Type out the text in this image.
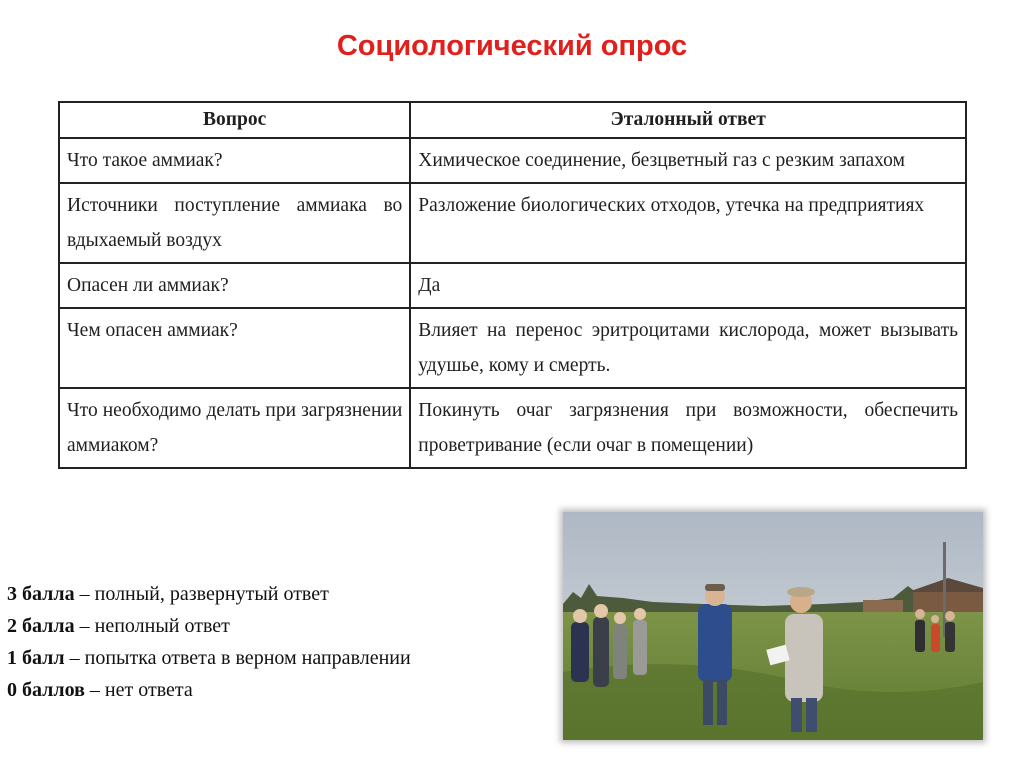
Социологический опрос
Вопрос	Эталонный ответ
Что такое аммиак?	Химическое соединение, безцветный газ с резким запахом
Источники поступление аммиака во вдыхаемый воздух	Разложение биологических отходов, утечка на предприятиях
Опасен ли аммиак?	Да
Чем опасен аммиак?	Влияет на перенос эритроцитами кислорода, может вызывать удушье, кому и смерть.
Что необходимо делать при загрязнении аммиаком?	Покинуть очаг загрязнения при возможности, обеспечить проветривание (если очаг в помещении)
3 балла – полный, развернутый ответ
2 балла – неполный ответ
1 балл – попытка ответа в верном направлении
0 баллов – нет ответа
